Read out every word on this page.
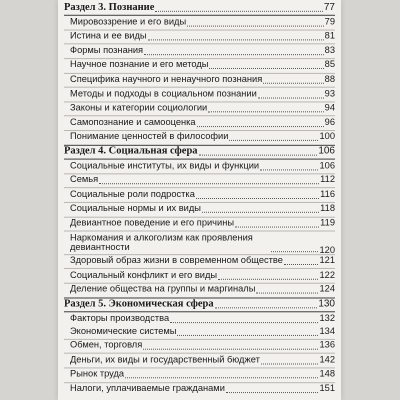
Раздел 3. Познание	77
Мировоззрение и его виды	79
Истина и ее виды	81
Формы познания	83
Научное познание и его методы	85
Специфика научного и ненаучного познания	88
Методы и подходы в социальном познании	93
Законы и категории социологии	94
Самопознание и самооценка	96
Понимание ценностей в философии	100
Раздел 4. Социальная сфера	106
Социальные институты, их виды и функции	106
Семья	112
Социальные роли подростка	116
Социальные нормы и их виды	118
Девиантное поведение и его причины	119
Наркомания и алкоголизм как проявления девиантности	120
Здоровый образ жизни в современном обществе	121
Социальный конфликт и его виды	122
Деление общества на группы и маргиналы	124
Раздел 5. Экономическая сфера	130
Факторы производства	132
Экономические системы	134
Обмен, торговля	136
Деньги, их виды и государственный бюджет	142
Рынок труда	148
Налоги, уплачиваемые гражданами	151
